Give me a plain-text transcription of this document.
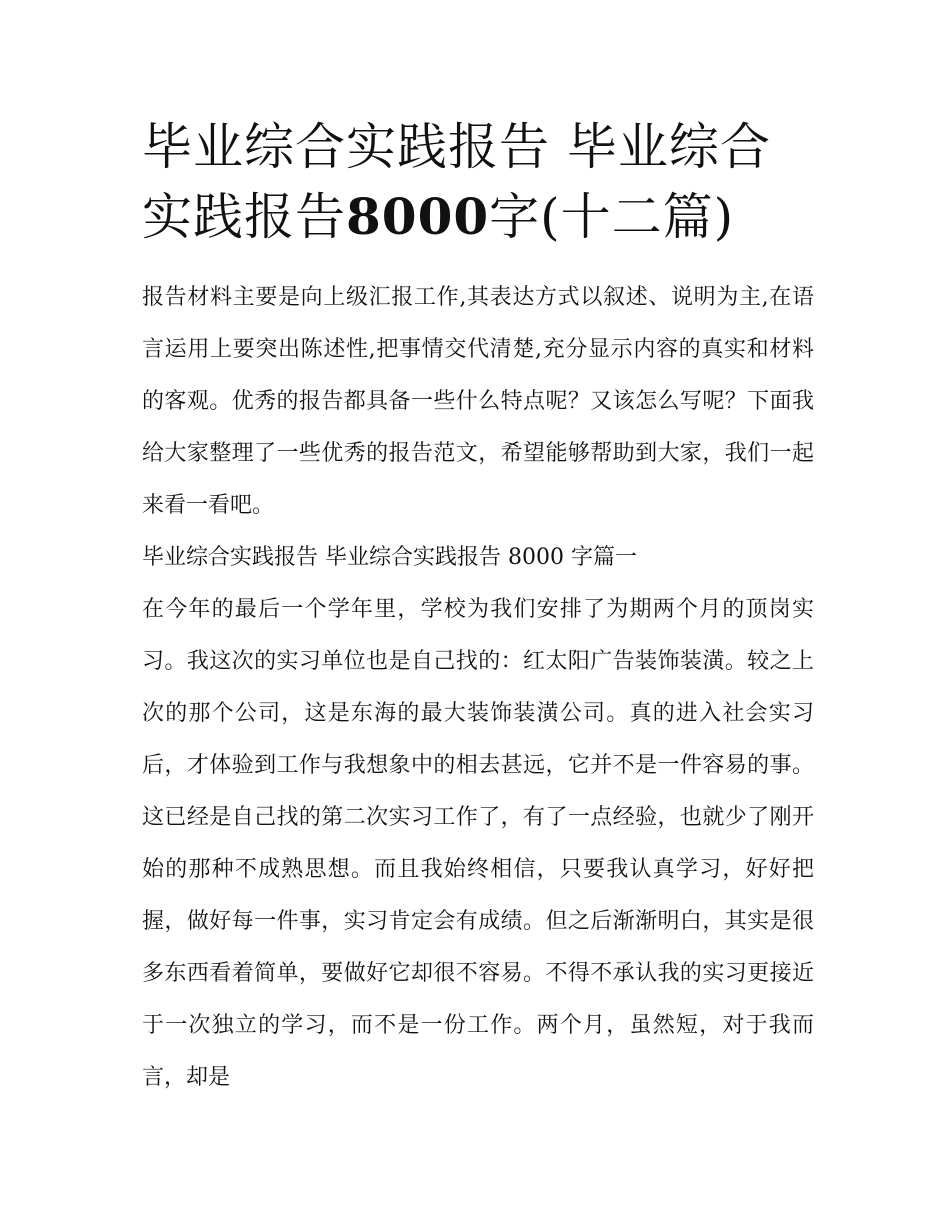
毕业综合实践报告 毕业综合实践报告8000字(十二篇)

报告材料主要是向上级汇报工作,其表达方式以叙述、说明为主,在语言运用上要突出陈述性,把事情交代清楚,充分显示内容的真实和材料的客观。优秀的报告都具备一些什么特点呢？又该怎么写呢？下面我给大家整理了一些优秀的报告范文，希望能够帮助到大家，我们一起来看一看吧。

毕业综合实践报告 毕业综合实践报告 8000 字篇一

在今年的最后一个学年里，学校为我们安排了为期两个月的顶岗实习。我这次的实习单位也是自己找的：红太阳广告装饰装潢。较之上次的那个公司，这是东海的最大装饰装潢公司。真的进入社会实习后，才体验到工作与我想象中的相去甚远，它并不是一件容易的事。这已经是自己找的第二次实习工作了，有了一点经验，也就少了刚开始的那种不成熟思想。而且我始终相信，只要我认真学习，好好把握，做好每一件事，实习肯定会有成绩。但之后渐渐明白，其实是很多东西看着简单，要做好它却很不容易。不得不承认我的实习更接近于一次独立的学习，而不是一份工作。两个月，虽然短，对于我而言，却是
